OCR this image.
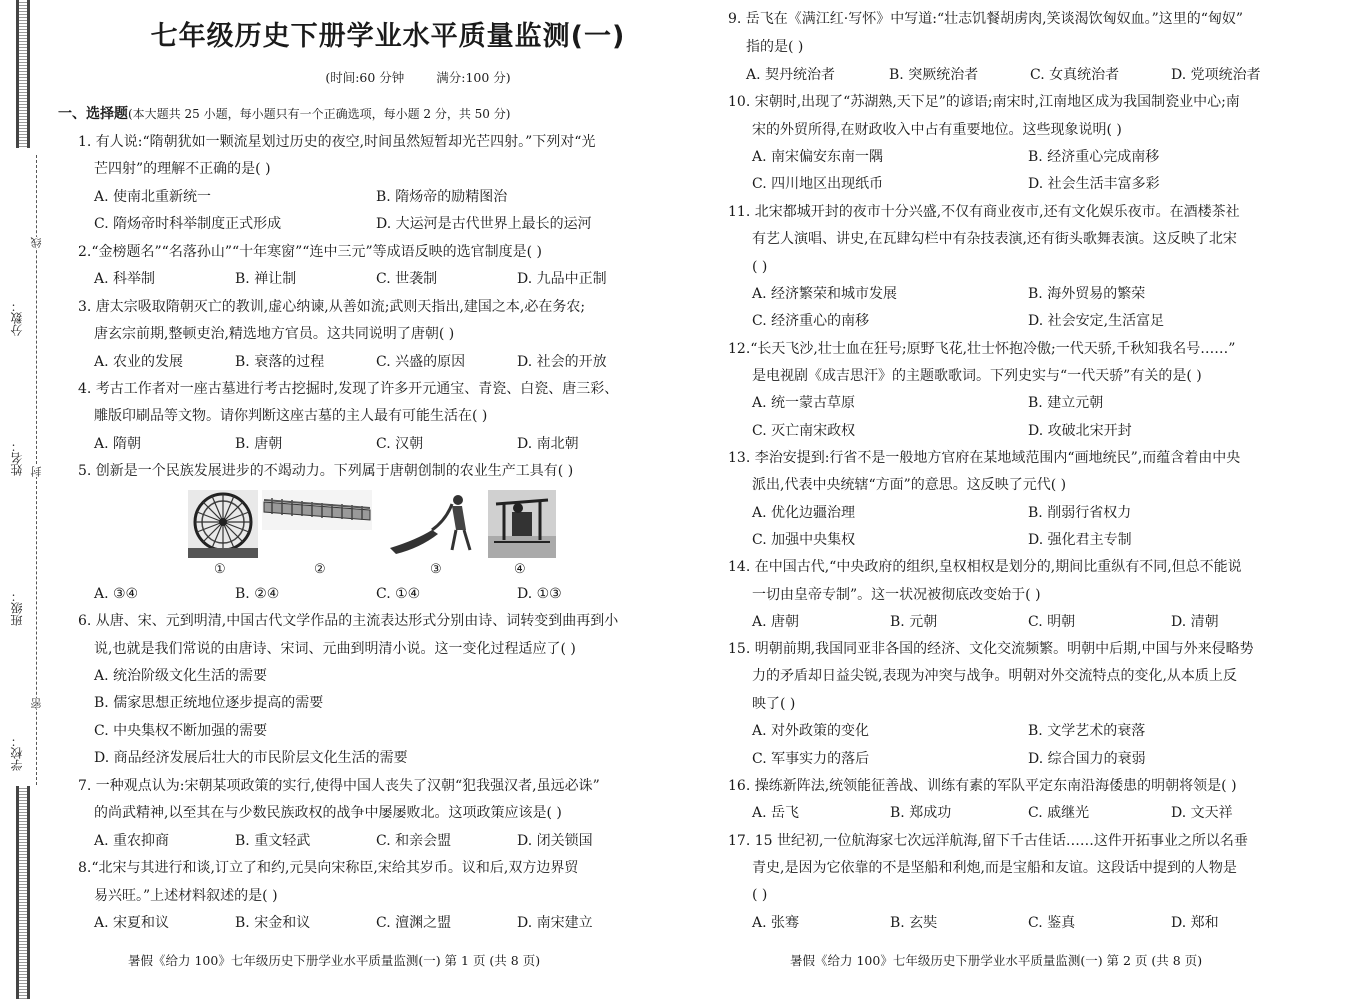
分数：
姓名：
班级：
学校：
线
封
密
七年级历史下册学业水平质量监测(一)
(时间:60 分钟	满分:100 分)
一、选择题(本大题共 25 小题，每小题只有一个正确选项，每小题 2 分，共 50 分)
1. 有人说:“隋朝犹如一颗流星划过历史的夜空,时间虽然短暂却光芒四射。”下列对“光
芒四射”的理解不正确的是( )
A. 使南北重新统一	B. 隋炀帝的励精图治
C. 隋炀帝时科举制度正式形成	D. 大运河是古代世界上最长的运河
2.“金榜题名”“名落孙山”“十年寒窗”“连中三元”等成语反映的选官制度是( )
A. 科举制	B. 禅让制	C. 世袭制	D. 九品中正制
3. 唐太宗吸取隋朝灭亡的教训,虚心纳谏,从善如流;武则天指出,建国之本,必在务农;
唐玄宗前期,整顿吏治,精选地方官员。这共同说明了唐朝( )
A. 农业的发展	B. 衰落的过程	C. 兴盛的原因	D. 社会的开放
4. 考古工作者对一座古墓进行考古挖掘时,发现了许多开元通宝、青瓷、白瓷、唐三彩、
雕版印刷品等文物。请你判断这座古墓的主人最有可能生活在( )
A. 隋朝	B. 唐朝	C. 汉朝	D. 南北朝
5. 创新是一个民族发展进步的不竭动力。下列属于唐朝创制的农业生产工具有( )
①	②	③	④
A. ③④	B. ②④	C. ①④	D. ①③
6. 从唐、宋、元到明清,中国古代文学作品的主流表达形式分别由诗、词转变到曲再到小
说,也就是我们常说的由唐诗、宋词、元曲到明清小说。这一变化过程适应了( )
A. 统治阶级文化生活的需要
B. 儒家思想正统地位逐步提高的需要
C. 中央集权不断加强的需要
D. 商品经济发展后壮大的市民阶层文化生活的需要
7. 一种观点认为:宋朝某项政策的实行,使得中国人丧失了汉朝“犯我强汉者,虽远必诛”
的尚武精神,以至其在与少数民族政权的战争中屡屡败北。这项政策应该是( )
A. 重农抑商	B. 重文轻武	C. 和亲会盟	D. 闭关锁国
8.“北宋与其进行和谈,订立了和约,元昊向宋称臣,宋给其岁币。议和后,双方边界贸
易兴旺。”上述材料叙述的是( )
A. 宋夏和议	B. 宋金和议	C. 澶渊之盟	D. 南宋建立
暑假《给力 100》七年级历史下册学业水平质量监测(一) 第 1 页 (共 8 页)
9. 岳飞在《满江红·写怀》中写道:“壮志饥餐胡虏肉,笑谈渴饮匈奴血。”这里的“匈奴”
指的是( )
A. 契丹统治者	B. 突厥统治者	C. 女真统治者	D. 党项统治者
10. 宋朝时,出现了“苏湖熟,天下足”的谚语;南宋时,江南地区成为我国制瓷业中心;南
宋的外贸所得,在财政收入中占有重要地位。这些现象说明( )
A. 南宋偏安东南一隅	B. 经济重心完成南移
C. 四川地区出现纸币	D. 社会生活丰富多彩
11. 北宋都城开封的夜市十分兴盛,不仅有商业夜市,还有文化娱乐夜市。在酒楼茶社
有艺人演唱、讲史,在瓦肆勾栏中有杂技表演,还有街头歌舞表演。这反映了北宋
( )
A. 经济繁荣和城市发展	B. 海外贸易的繁荣
C. 经济重心的南移	D. 社会安定,生活富足
12.“长天飞沙,壮士血在狂号;原野飞花,壮士怀抱冷傲;一代天骄,千秋知我名号……”
是电视剧《成吉思汗》的主题歌歌词。下列史实与“一代天骄”有关的是( )
A. 统一蒙古草原	B. 建立元朝
C. 灭亡南宋政权	D. 攻破北宋开封
13. 李治安提到:行省不是一般地方官府在某地域范围内“画地统民”,而蕴含着由中央
派出,代表中央统辖“方面”的意思。这反映了元代( )
A. 优化边疆治理	B. 削弱行省权力
C. 加强中央集权	D. 强化君主专制
14. 在中国古代,“中央政府的组织,皇权相权是划分的,期间比重纵有不同,但总不能说
一切由皇帝专制”。这一状况被彻底改变始于( )
A. 唐朝	B. 元朝	C. 明朝	D. 清朝
15. 明朝前期,我国同亚非各国的经济、文化交流频繁。明朝中后期,中国与外来侵略势
力的矛盾却日益尖锐,表现为冲突与战争。明朝对外交流特点的变化,从本质上反
映了( )
A. 对外政策的变化	B. 文学艺术的衰落
C. 军事实力的落后	D. 综合国力的衰弱
16. 操练新阵法,统领能征善战、训练有素的军队平定东南沿海倭患的明朝将领是( )
A. 岳飞	B. 郑成功	C. 戚继光	D. 文天祥
17. 15 世纪初,一位航海家七次远洋航海,留下千古佳话……这件开拓事业之所以名垂
青史,是因为它依靠的不是坚船和利炮,而是宝船和友谊。这段话中提到的人物是
( )
A. 张骞	B. 玄奘	C. 鉴真	D. 郑和
暑假《给力 100》七年级历史下册学业水平质量监测(一) 第 2 页 (共 8 页)
